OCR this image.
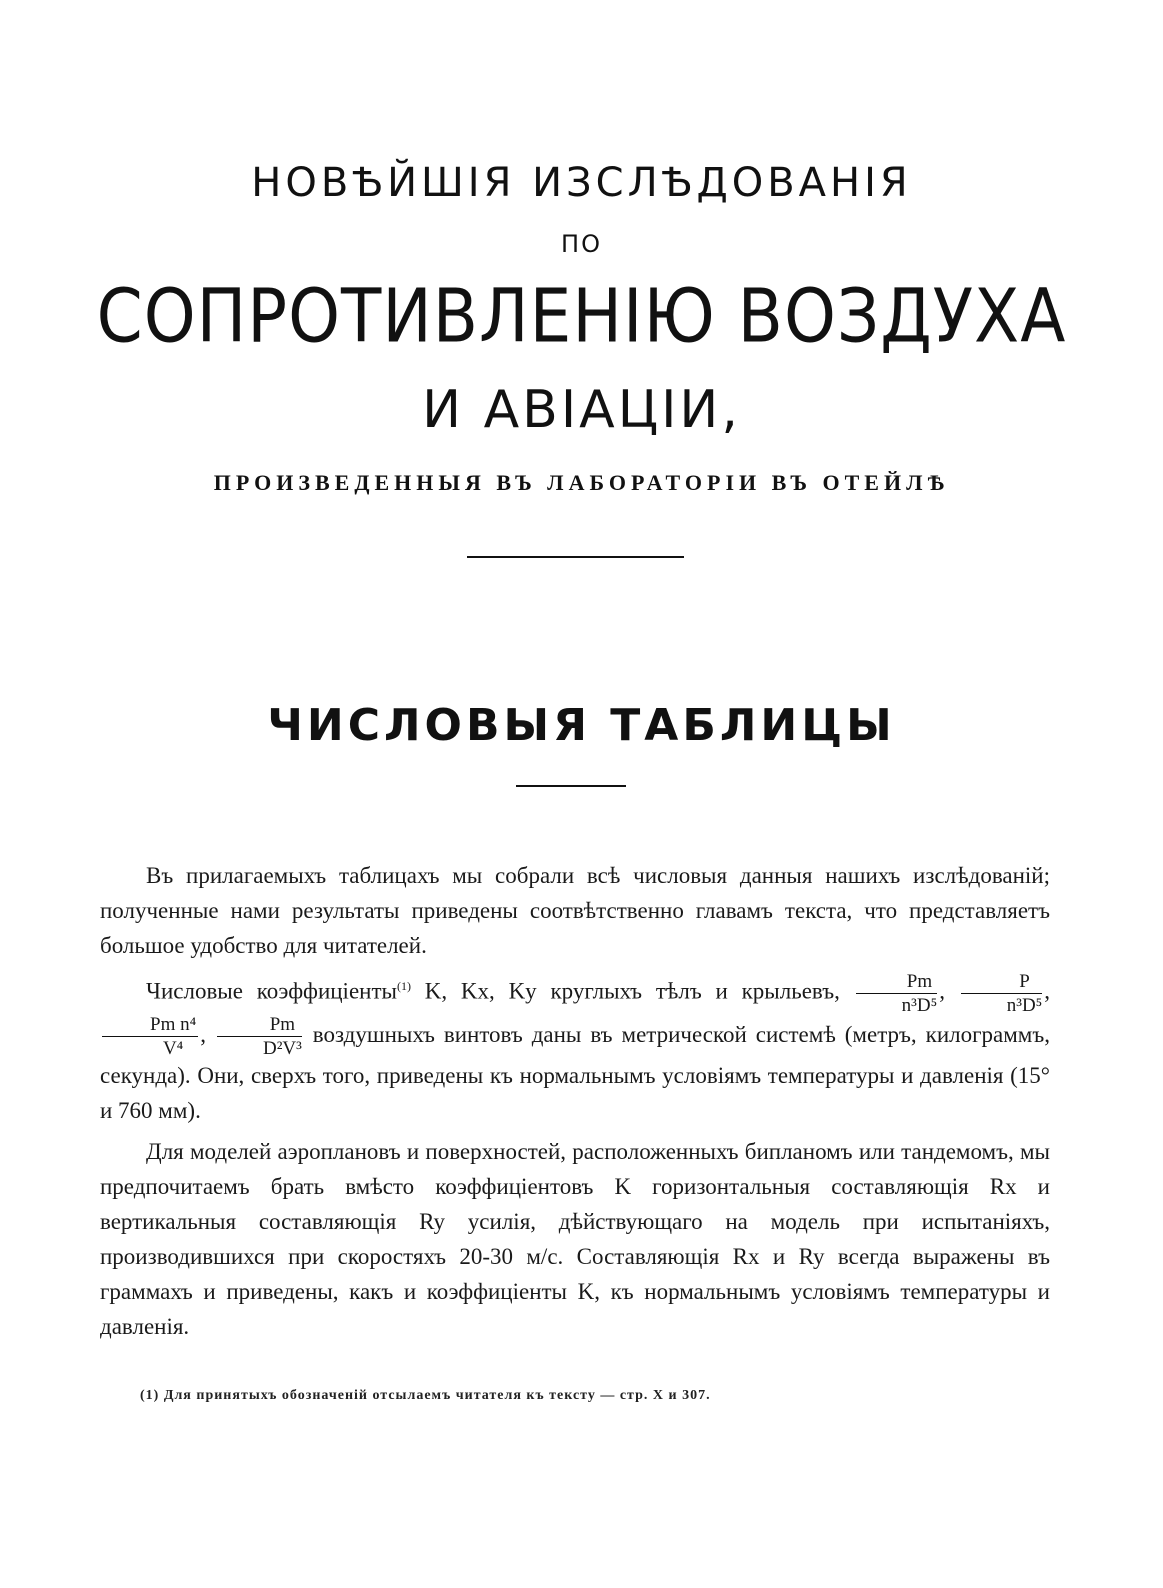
НОВѢЙШІЯ ИЗСЛѢДОВАНІЯ
ПО
СОПРОТИВЛЕНІЮ ВОЗДУХА
И АВІАЦІИ,
ПРОИЗВЕДЕННЫЯ ВЪ ЛАБОРАТОРІИ ВЪ ОТЕЙЛѢ
ЧИСЛОВЫЯ ТАБЛИЦЫ

Въ прилагаемыхъ таблицахъ мы собрали всѣ числовыя данныя нашихъ изслѣдованій; полученные нами результаты приведены соотвѣтственно главамъ текста, что представляетъ большое удобство для читателей.

Числовые коэффиціенты$^{(1)}$ K, Kx, Ky круглыхъ тѣлъ и крыльевъ, $\frac{Pm}{\text{n³D⁵}}$ , $\frac{P}{\text{n³D⁵}}$ ,
$\frac{\text{Pm n⁴}}{\text{V⁴}}$ , $\frac{Pm}{\text{D²V³}}$ воздушныхъ винтовъ даны въ метрической системѣ (метръ, килограммъ, секунда). Они, сверхъ того, приведены къ нормальнымъ условіямъ температуры и давленія (15° и 760 мм).

Для моделей аэроплановъ и поверхностей, расположенныхъ бипланомъ или тандемомъ, мы предпочитаемъ брать вмѣсто коэффиціентовъ K горизонтальныя составляющія Rx и вертикальныя составляющія Ry усилія, дѣйствующаго на модель при испытаніяхъ, производившихся при скоростяхъ 20-30 м/с. Составляющія Rx и Ry всегда выражены въ граммахъ и приведены, какъ и коэффиціенты K, къ нормальнымъ условіямъ температуры и давленія.

(1) Для принятыхъ обозначеній отсылаемъ читателя къ тексту — стр. X и 307.
